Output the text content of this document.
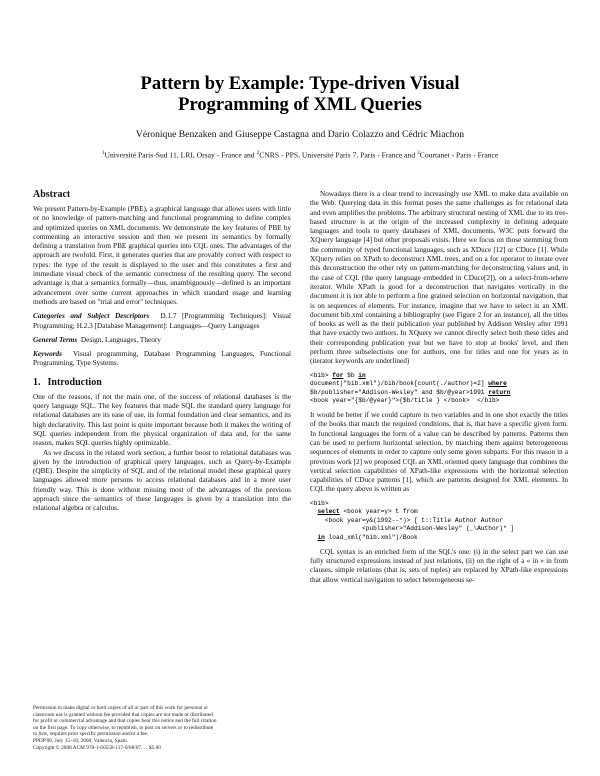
Pattern by Example: Type-driven Visual
Programming of XML Queries
Véronique Benzaken and Giuseppe Castagna and Dario Colazzo and Cédric Miachon
$^1$Université Paris-Sud 11, LRI, Orsay - France and $^2$CNRS - PPS, Université Paris 7, Paris - France and $^3$Courtanet - Paris - France
Abstract

We present Pattern-by-Example (PBE), a graphical language that allows users with little or no knowledge of pattern-matching and functional programming to define complex and optimized queries on XML documents. We demonstrate the key features of PBE by commenting an interactive session and then we present its semantics by formally defining a translation from PBE graphical queries into CQL ones. The advantages of the approach are twofold. First, it generates queries that are provably correct with respect to types: the type of the result is displayed to the user and this constitutes a first and immediate visual check of the semantic correctness of the resulting query. The second advantage is that a semantics formally—thus, unambiguously—defined is an important advancement over some current approaches in which standard usage and learning methods are based on "trial and error" techniques.

Categories and Subject Descriptors D.1.7 [Programming Techniques]: Visual Programming; H.2.3 [Database Management]: Languages—Query Languages

General Terms Design, Languages, Theory

Keywords Visual programming, Database Programming Languages, Functional Programming, Type Systems.

1. Introduction

One of the reasons, if not the main one, of the success of relational databases is the query language SQL. The key features that made SQL the standard query language for relational databases are its ease of use, its formal foundation and clear semantics, and its high declarativity. This last point is quite important because both it makes the writing of SQL queries independent from the physical organization of data and, for the same reason, makes SQL queries highly optimizable.

As we discuss in the related work section, a further boost to relational databases was given by the introduction of graphical query languages, such as Query-by-Example (QBE). Despite the simplicity of SQL and of the relational model these graphical query languages allowed more persons to access relational databases and in a more user friendly way. This is done without missing most of the advantages of the previous approach since the semantics of these languages is given by a translation into the relational algebra or calculus.

Permission to make digital or hard copies of all or part of this work for personal or
classroom use is granted without fee provided that copies are not made or distributed
for profit or commercial advantage and that copies bear this notice and the full citation
on the first page. To copy otherwise, to republish, to post on servers or to redistribute
to lists, requires prior specific permission and/or a fee.
PPDP'08, July 15–18, 2008, Valencia, Spain.
Copyright © 2008 ACM 978-1-60558-117-0/08/07. . . $5.00

Nowadays there is a clear trend to increasingly use XML to make data available on the Web. Querying data in this format poses the same challenges as for relational data and even amplifies the problems. The arbitrary structural nesting of XML due to its tree-based structure is at the origin of the increased complexity in defining adequate languages and tools to query databases of XML documents. W3C puts forward the XQuery language [4] but other proposals exists. Here we focus on those stemming from the community of typed functional languages, such as XDuce [12] or CDuce [1]. While XQuery relies on XPath to deconstruct XML trees, and on a for operator to iterate over this deconstruction the other rely on pattern-matching for deconstructing values and, in the case of CQL (the query language embedded in CDuce[2]), on a select-from-where iterator. While XPath is good for a deconstruction that navigates vertically in the document it is not able to perform a fine grained selection on horizontal navigation, that is on sequences of elements. For instance, imagine that we have to select in an XML document bib.xml containing a bibliography (see Figure 2 for an instance), all the titles of books as well as the their publication year published by Addison Wesley after 1991 that have exactly two authors. In XQuery we cannot directly select both these titles and their corresponding publication year but we have to stop at books' level, and then perform three subselections one for authors, one for titles and one for years as in (iterator keywords are underlined)

<bib> for $b in
document("bib.xml")/bib/book[count(./author)=2] where
$b/publisher="Addison-Wesley" and $b/@year>1991 return
<book year="{$b/@year}">{$b/title } </book>  </bib>

It would be better if we could capture in two variables and in one shot exactly the titles of the books that match the required conditions, that is, that have a specific given form. In functional languages the form of a value can be described by patterns. Patterns then can be used to perform horizontal selection, by matching them against heterogeneous sequences of elements in order to capture only some given subparts. For this reason in a previous work [2] we proposed CQL an XML oriented query language that combines the vertical selection capabilities of XPath-like expressions with the horizontal selection capabilities of CDuce patterns [1], which are patterns designed for XML elements. In CQL the query above is written as

<bib>
select <book year=y> t from
<book year=y&(1992--*)> [ t::Title Author Author
<publisher>"Addison-Wesley" (_\Author)* ]
in load_xml("bib.xml")/Book

CQL syntax is an enriched form of the SQL's one: (i) in the select part we can use fully structured expressions instead of just relations, (ii) on the right of a « in » in from clauses, simple relations (that is, sets of tuples) are replaced by XPath-like expressions that allow vertical navigation to select heterogeneous se-
